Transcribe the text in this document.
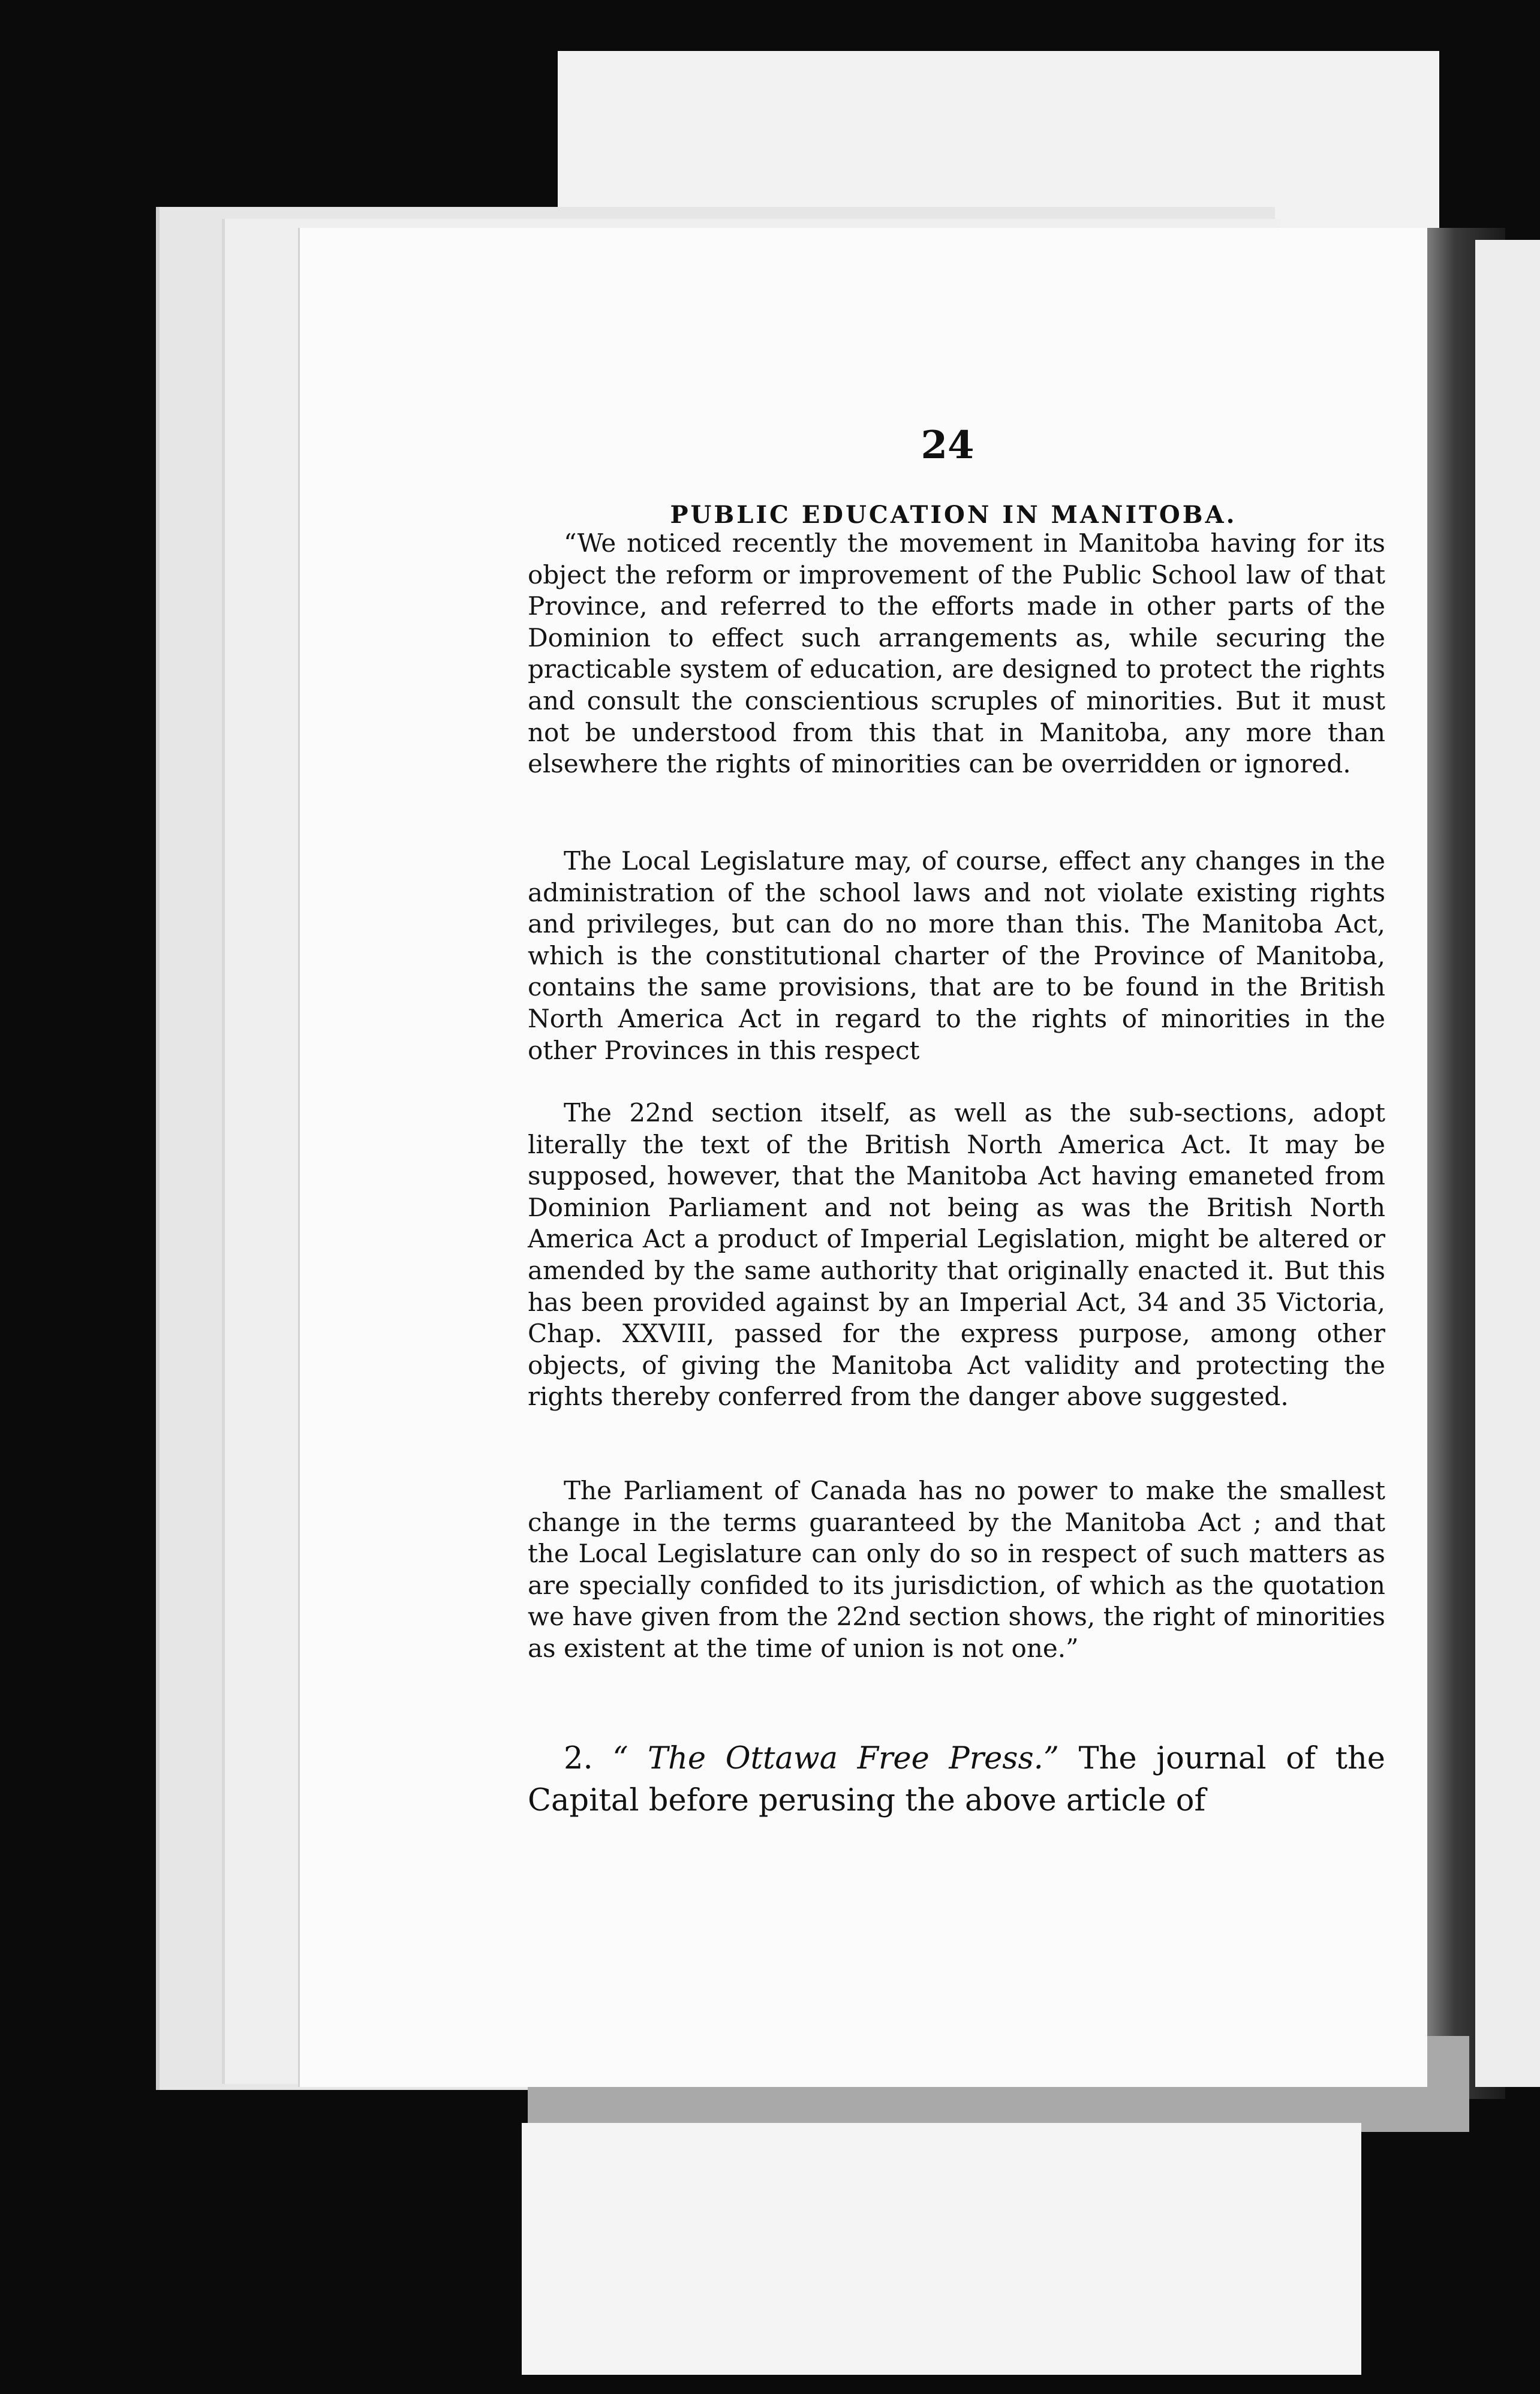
24
PUBLIC EDUCATION IN MANITOBA.

“We noticed recently the movement in Manitoba having for its object the reform or improvement of the Public School law of that Province, and referred to the efforts made in other parts of the Dominion to effect such arrangements as, while securing the practicable system of education, are designed to protect the rights and consult the conscientious scruples of minorities. But it must not be understood from this that in Manitoba, any more than elsewhere the rights of minorities can be overridden or ignored.

The Local Legislature may, of course, effect any changes in the administration of the school laws and not violate existing rights and privileges, but can do no more than this. The Manitoba Act, which is the constitutional charter of the Province of Manitoba, contains the same provisions, that are to be found in the British North America Act in regard to the rights of minorities in the other Provinces in this respect

The 22nd section itself, as well as the sub-sections, adopt literally the text of the British North America Act. It may be supposed, however, that the Manitoba Act having emaneted from Dominion Parliament and not being as was the British North America Act a product of Imperial Legislation, might be altered or amended by the same authority that originally enacted it. But this has been provided against by an Imperial Act, 34 and 35 Victoria, Chap. XXVIII, passed for the express purpose, among other objects, of giving the Manitoba Act validity and protecting the rights thereby conferred from the danger above suggested.

The Parliament of Canada has no power to make the smallest change in the terms guaranteed by the Manitoba Act ; and that the Local Legislature can only do so in respect of such matters as are specially confided to its jurisdiction, of which as the quotation we have given from the 22nd section shows, the right of minorities as existent at the time of union is not one.”

2. “ The Ottawa Free Press.” The journal of the Capital before perusing the above article of
